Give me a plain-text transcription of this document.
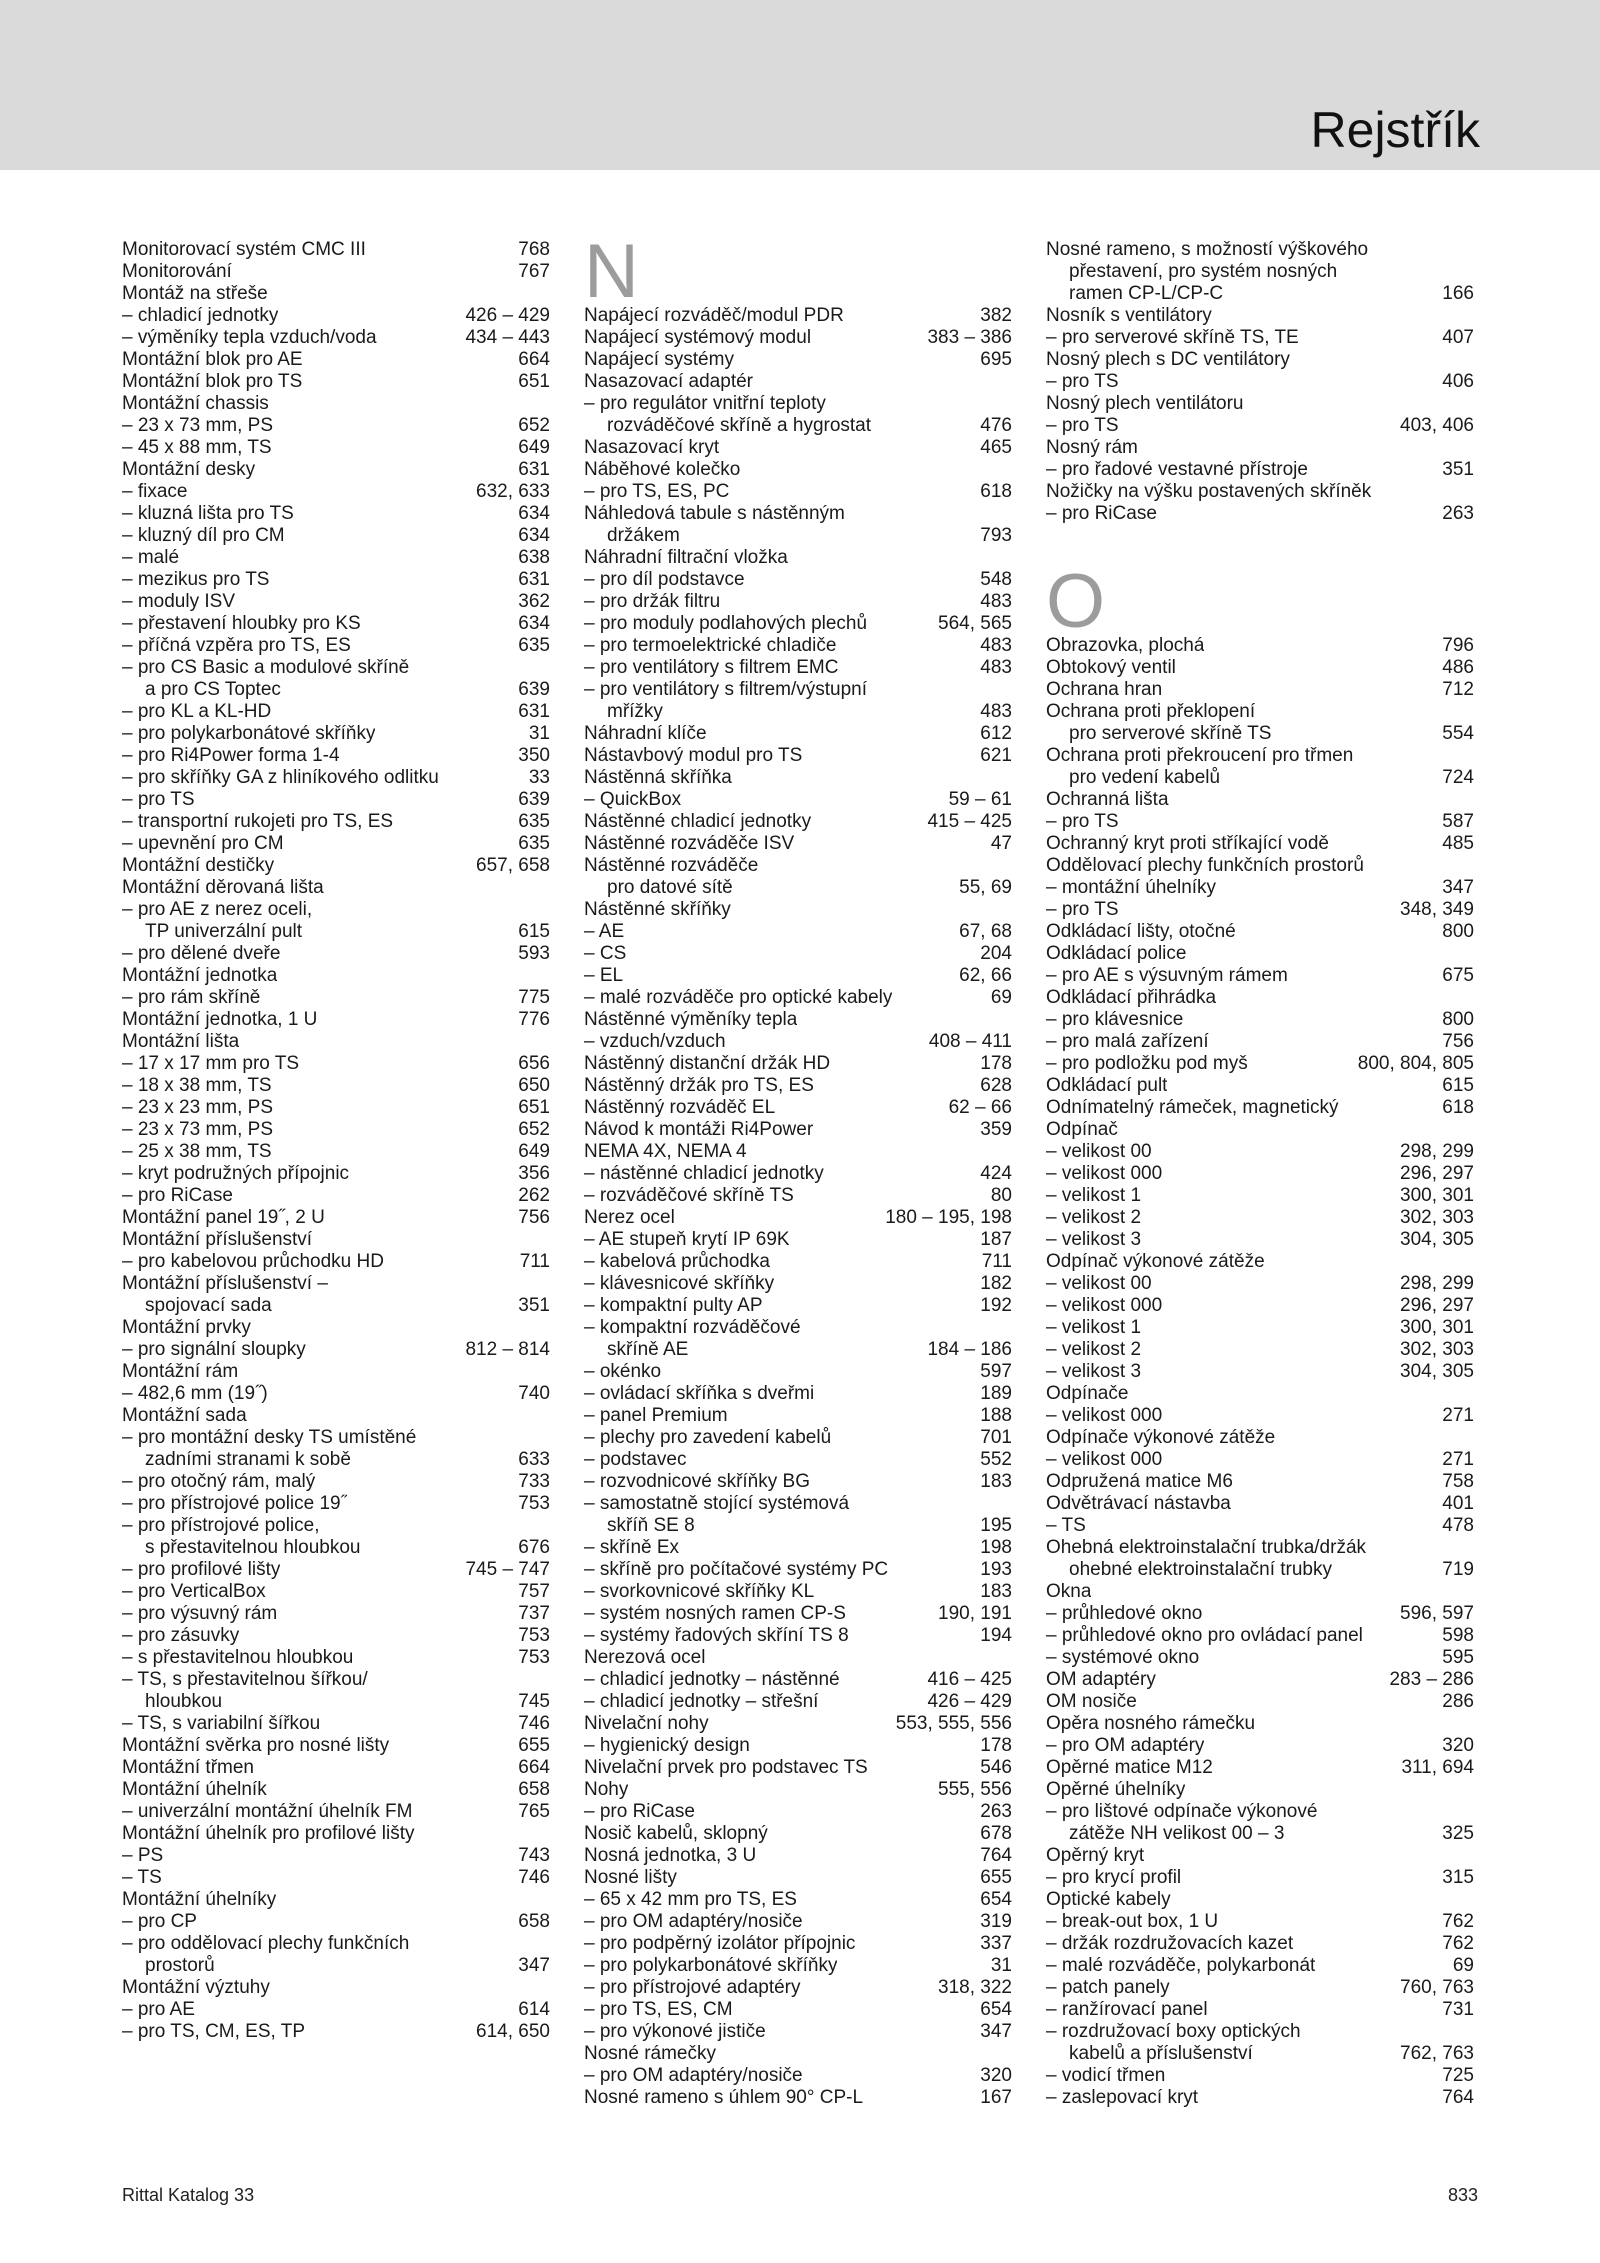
Rejstřík
Monitorovací systém CMC III	768
Monitorování	767
Montáž na střeše
– chladicí jednotky	426 – 429
– výměníky tepla vzduch/voda	434 – 443
Montážní blok pro AE	664
Montážní blok pro TS	651
Montážní chassis
– 23 x 73 mm, PS	652
– 45 x 88 mm, TS	649
Montážní desky	631
– fixace	632, 633
– kluzná lišta pro TS	634
– kluzný díl pro CM	634
– malé	638
– mezikus pro TS	631
– moduly ISV	362
– přestavení hloubky pro KS	634
– příčná vzpěra pro TS, ES	635
– pro CS Basic a modulové skříně
a pro CS Toptec	639
– pro KL a KL-HD	631
– pro polykarbonátové skříňky	31
– pro Ri4Power forma 1-4	350
– pro skříňky GA z hliníkového odlitku	33
– pro TS	639
– transportní rukojeti pro TS, ES	635
– upevnění pro CM	635
Montážní destičky	657, 658
Montážní děrovaná lišta
– pro AE z nerez oceli,
TP univerzální pult	615
– pro dělené dveře	593
Montážní jednotka
– pro rám skříně	775
Montážní jednotka, 1 U	776
Montážní lišta
– 17 x 17 mm pro TS	656
– 18 x 38 mm, TS	650
– 23 x 23 mm, PS	651
– 23 x 73 mm, PS	652
– 25 x 38 mm, TS	649
– kryt podružných přípojnic	356
– pro RiCase	262
Montážní panel 19˝, 2 U	756
Montážní příslušenství
– pro kabelovou průchodku HD	711
Montážní příslušenství –
spojovací sada	351
Montážní prvky
– pro signální sloupky	812 – 814
Montážní rám
– 482,6 mm (19˝)	740
Montážní sada
– pro montážní desky TS umístěné
zadními stranami k sobě	633
– pro otočný rám, malý	733
– pro přístrojové police 19˝	753
– pro přístrojové police,
s přestavitelnou hloubkou	676
– pro profilové lišty	745 – 747
– pro VerticalBox	757
– pro výsuvný rám	737
– pro zásuvky	753
– s přestavitelnou hloubkou	753
– TS, s přestavitelnou šířkou/
hloubkou	745
– TS, s variabilní šířkou	746
Montážní svěrka pro nosné lišty	655
Montážní třmen	664
Montážní úhelník	658
– univerzální montážní úhelník FM	765
Montážní úhelník pro profilové lišty
– PS	743
– TS	746
Montážní úhelníky
– pro CP	658
– pro oddělovací plechy funkčních
prostorů	347
Montážní výztuhy
– pro AE	614
– pro TS, CM, ES, TP	614, 650
N
Napájecí rozváděč/modul PDR	382
Napájecí systémový modul	383 – 386
Napájecí systémy	695
Nasazovací adaptér
– pro regulátor vnitřní teploty
rozváděčové skříně a hygrostat	476
Nasazovací kryt	465
Náběhové kolečko
– pro TS, ES, PC	618
Náhledová tabule s nástěnným
držákem	793
Náhradní filtrační vložka
– pro díl podstavce	548
– pro držák filtru	483
– pro moduly podlahových plechů	564, 565
– pro termoelektrické chladiče	483
– pro ventilátory s filtrem EMC	483
– pro ventilátory s filtrem/výstupní
mřížky	483
Náhradní klíče	612
Nástavbový modul pro TS	621
Nástěnná skříňka
– QuickBox	59 – 61
Nástěnné chladicí jednotky	415 – 425
Nástěnné rozváděče ISV	47
Nástěnné rozváděče
pro datové sítě	55, 69
Nástěnné skříňky
– AE	67, 68
– CS	204
– EL	62, 66
– malé rozváděče pro optické kabely	69
Nástěnné výměníky tepla
– vzduch/vzduch	408 – 411
Nástěnný distanční držák HD	178
Nástěnný držák pro TS, ES	628
Nástěnný rozváděč EL	62 – 66
Návod k montáži Ri4Power	359
NEMA 4X, NEMA 4
– nástěnné chladicí jednotky	424
– rozváděčové skříně TS	80
Nerez ocel	180 – 195, 198
– AE stupeň krytí IP 69K	187
– kabelová průchodka	711
– klávesnicové skříňky	182
– kompaktní pulty AP	192
– kompaktní rozváděčové
skříně AE	184 – 186
– okénko	597
– ovládací skříňka s dveřmi	189
– panel Premium	188
– plechy pro zavedení kabelů	701
– podstavec	552
– rozvodnicové skříňky BG	183
– samostatně stojící systémová
skříň SE 8	195
– skříně Ex	198
– skříně pro počítačové systémy PC	193
– svorkovnicové skříňky KL	183
– systém nosných ramen CP-S	190, 191
– systémy řadových skříní TS 8	194
Nerezová ocel
– chladicí jednotky – nástěnné	416 – 425
– chladicí jednotky – střešní	426 – 429
Nivelační nohy	553, 555, 556
– hygienický design	178
Nivelační prvek pro podstavec TS	546
Nohy	555, 556
– pro RiCase	263
Nosič kabelů, sklopný	678
Nosná jednotka, 3 U	764
Nosné lišty	655
– 65 x 42 mm pro TS, ES	654
– pro OM adaptéry/nosiče	319
– pro podpěrný izolátor přípojnic	337
– pro polykarbonátové skříňky	31
– pro přístrojové adaptéry	318, 322
– pro TS, ES, CM	654
– pro výkonové jističe	347
Nosné rámečky
– pro OM adaptéry/nosiče	320
Nosné rameno s úhlem 90° CP-L	167
Nosné rameno, s možností výškového
přestavení, pro systém nosných
ramen CP-L/CP-C	166
Nosník s ventilátory
– pro serverové skříně TS, TE	407
Nosný plech s DC ventilátory
– pro TS	406
Nosný plech ventilátoru
– pro TS	403, 406
Nosný rám
– pro řadové vestavné přístroje	351
Nožičky na výšku postavených skříněk
– pro RiCase	263
O
Obrazovka, plochá	796
Obtokový ventil	486
Ochrana hran	712
Ochrana proti překlopení
pro serverové skříně TS	554
Ochrana proti překroucení pro třmen
pro vedení kabelů	724
Ochranná lišta
– pro TS	587
Ochranný kryt proti stříkající vodě	485
Oddělovací plechy funkčních prostorů
– montážní úhelníky	347
– pro TS	348, 349
Odkládací lišty, otočné	800
Odkládací police
– pro AE s výsuvným rámem	675
Odkládací přihrádka
– pro klávesnice	800
– pro malá zařízení	756
– pro podložku pod myš	800, 804, 805
Odkládací pult	615
Odnímatelný rámeček, magnetický	618
Odpínač
– velikost 00	298, 299
– velikost 000	296, 297
– velikost 1	300, 301
– velikost 2	302, 303
– velikost 3	304, 305
Odpínač výkonové zátěže
– velikost 00	298, 299
– velikost 000	296, 297
– velikost 1	300, 301
– velikost 2	302, 303
– velikost 3	304, 305
Odpínače
– velikost 000	271
Odpínače výkonové zátěže
– velikost 000	271
Odpružená matice M6	758
Odvětrávací nástavba	401
– TS	478
Ohebná elektroinstalační trubka/držák
ohebné elektroinstalační trubky	719
Okna
– průhledové okno	596, 597
– průhledové okno pro ovládací panel	598
– systémové okno	595
OM adaptéry	283 – 286
OM nosiče	286
Opěra nosného rámečku
– pro OM adaptéry	320
Opěrné matice M12	311, 694
Opěrné úhelníky
– pro lištové odpínače výkonové
zátěže NH velikost 00 – 3	325
Opěrný kryt
– pro krycí profil	315
Optické kabely
– break-out box, 1 U	762
– držák rozdružovacích kazet	762
– malé rozváděče, polykarbonát	69
– patch panely	760, 763
– ranžírovací panel	731
– rozdružovací boxy optických
kabelů a příslušenství	762, 763
– vodicí třmen	725
– zaslepovací kryt	764
Rittal Katalog 33	833
